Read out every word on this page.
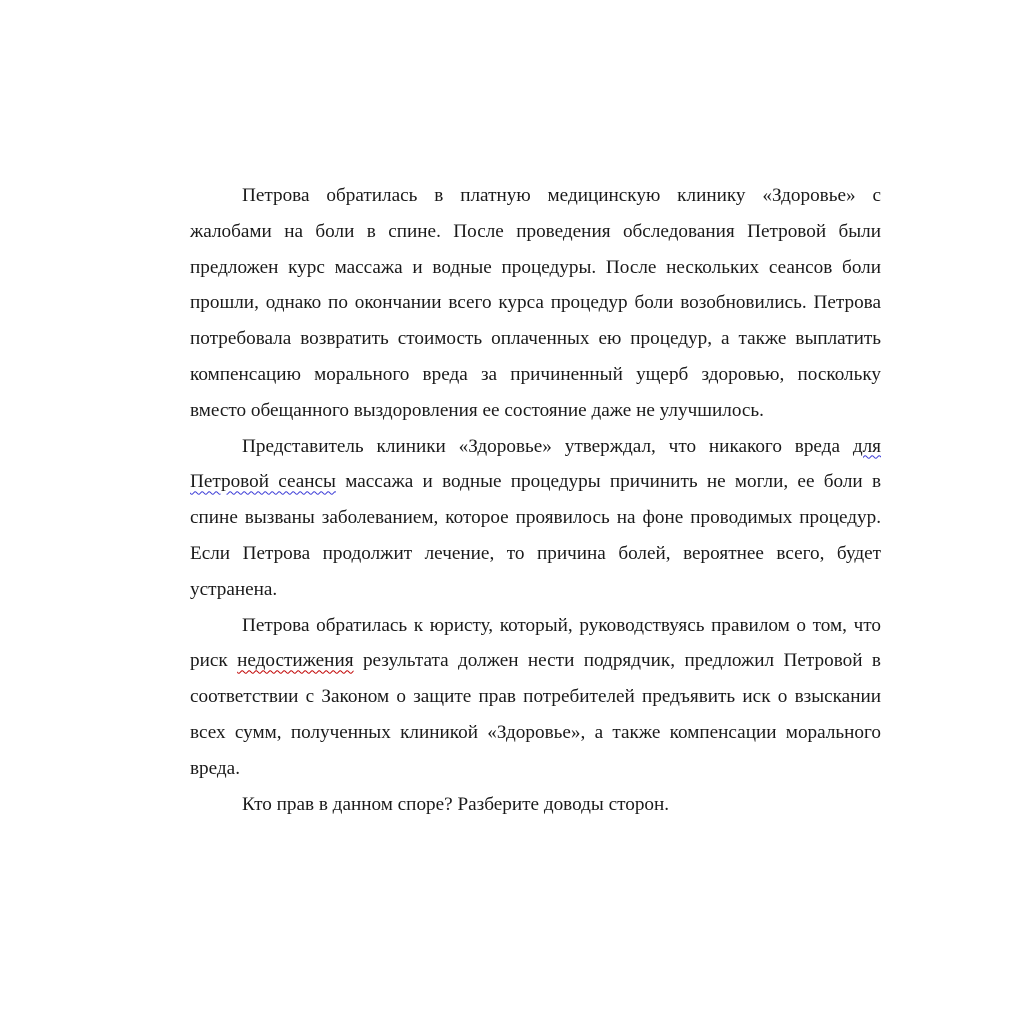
Петрова обратилась в платную медицинскую клинику «Здоровье» с жалобами на боли в спине. После проведения обследования Петровой были предложен курс массажа и водные процедуры. После нескольких сеансов боли прошли, однако по окончании всего курса процедур боли возобновились. Петрова потребовала возвратить стоимость оплаченных ею процедур, а также выплатить компенсацию морального вреда за причиненный ущерб здоровью, поскольку вместо обещанного выздоровления ее состояние даже не улучшилось.

Представитель клиники «Здоровье» утверждал, что никакого вреда для Петровой сеансы массажа и водные процедуры причинить не могли, ее боли в спине вызваны заболеванием, которое проявилось на фоне проводимых процедур. Если Петрова продолжит лечение, то причина болей, вероятнее всего, будет устранена.

Петрова обратилась к юристу, который, руководствуясь правилом о том, что риск недостижения результата должен нести подрядчик, предложил Петровой в соответствии с Законом о защите прав потребителей предъявить иск о взыскании всех сумм, полученных клиникой «Здоровье», а также компенсации морального вреда.

Кто прав в данном споре? Разберите доводы сторон.
